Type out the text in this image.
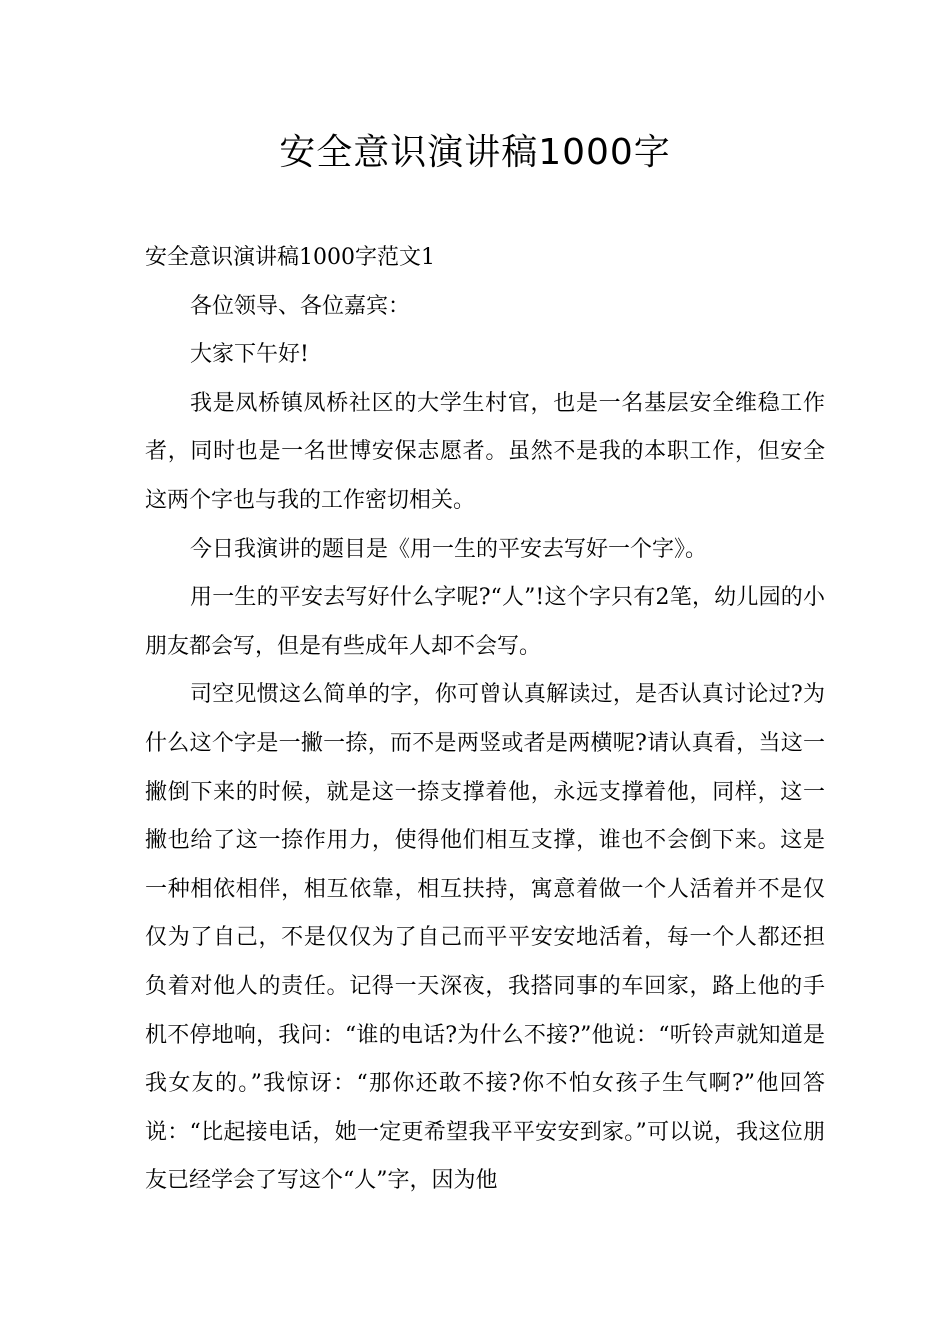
安全意识演讲稿1000字

安全意识演讲稿1000字范文1

各位领导、各位嘉宾：

大家下午好!

我是凤桥镇凤桥社区的大学生村官，也是一名基层安全维稳工作者，同时也是一名世博安保志愿者。虽然不是我的本职工作，但安全这两个字也与我的工作密切相关。

今日我演讲的题目是《用一生的平安去写好一个字》。

用一生的平安去写好什么字呢?“人”!这个字只有2笔，幼儿园的小朋友都会写，但是有些成年人却不会写。

司空见惯这么简单的字，你可曾认真解读过，是否认真讨论过?为什么这个字是一撇一捺，而不是两竖或者是两横呢?请认真看，当这一撇倒下来的时候，就是这一捺支撑着他，永远支撑着他，同样，这一撇也给了这一捺作用力，使得他们相互支撑，谁也不会倒下来。这是一种相依相伴，相互依靠，相互扶持，寓意着做一个人活着并不是仅仅为了自己，不是仅仅为了自己而平平安安地活着，每一个人都还担负着对他人的责任。记得一天深夜，我搭同事的车回家，路上他的手机不停地响，我问：“谁的电话?为什么不接?”他说：“听铃声就知道是我女友的。”我惊讶：“那你还敢不接?你不怕女孩子生气啊?”他回答说：“比起接电话，她一定更希望我平平安安到家。”可以说，我这位朋友已经学会了写这个“人”字，因为他
